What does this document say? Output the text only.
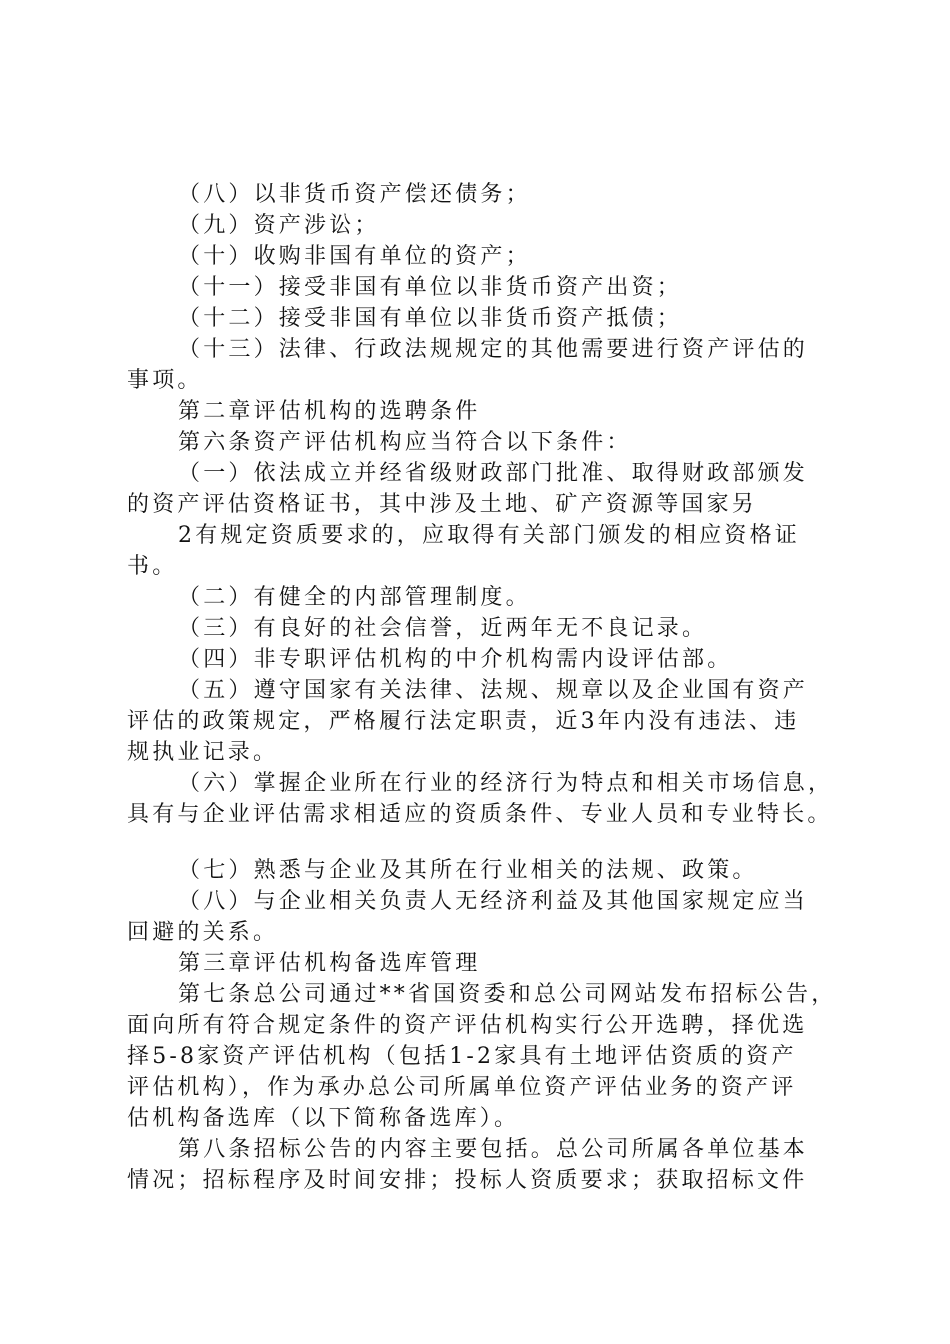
（八）以非货币资产偿还债务；
（九）资产涉讼；
（十）收购非国有单位的资产；
（十一）接受非国有单位以非货币资产出资；
（十二）接受非国有单位以非货币资产抵债；
（十三）法律、行政法规规定的其他需要进行资产评估的
事项。
第二章评估机构的选聘条件
第六条资产评估机构应当符合以下条件：
（一）依法成立并经省级财政部门批准、取得财政部颁发
的资产评估资格证书，其中涉及土地、矿产资源等国家另
2有规定资质要求的，应取得有关部门颁发的相应资格证
书。
（二）有健全的内部管理制度。
（三）有良好的社会信誉，近两年无不良记录。
（四）非专职评估机构的中介机构需内设评估部。
（五）遵守国家有关法律、法规、规章以及企业国有资产
评估的政策规定，严格履行法定职责，近3年内没有违法、违
规执业记录。
（六）掌握企业所在行业的经济行为特点和相关市场信息，
具有与企业评估需求相适应的资质条件、专业人员和专业特长。
（七）熟悉与企业及其所在行业相关的法规、政策。
（八）与企业相关负责人无经济利益及其他国家规定应当
回避的关系。
第三章评估机构备选库管理
第七条总公司通过**省国资委和总公司网站发布招标公告，
面向所有符合规定条件的资产评估机构实行公开选聘，择优选
择5-8家资产评估机构（包括1-2家具有土地评估资质的资产
评估机构），作为承办总公司所属单位资产评估业务的资产评
估机构备选库（以下简称备选库）。
第八条招标公告的内容主要包括。总公司所属各单位基本
情况；招标程序及时间安排；投标人资质要求；获取招标文件
